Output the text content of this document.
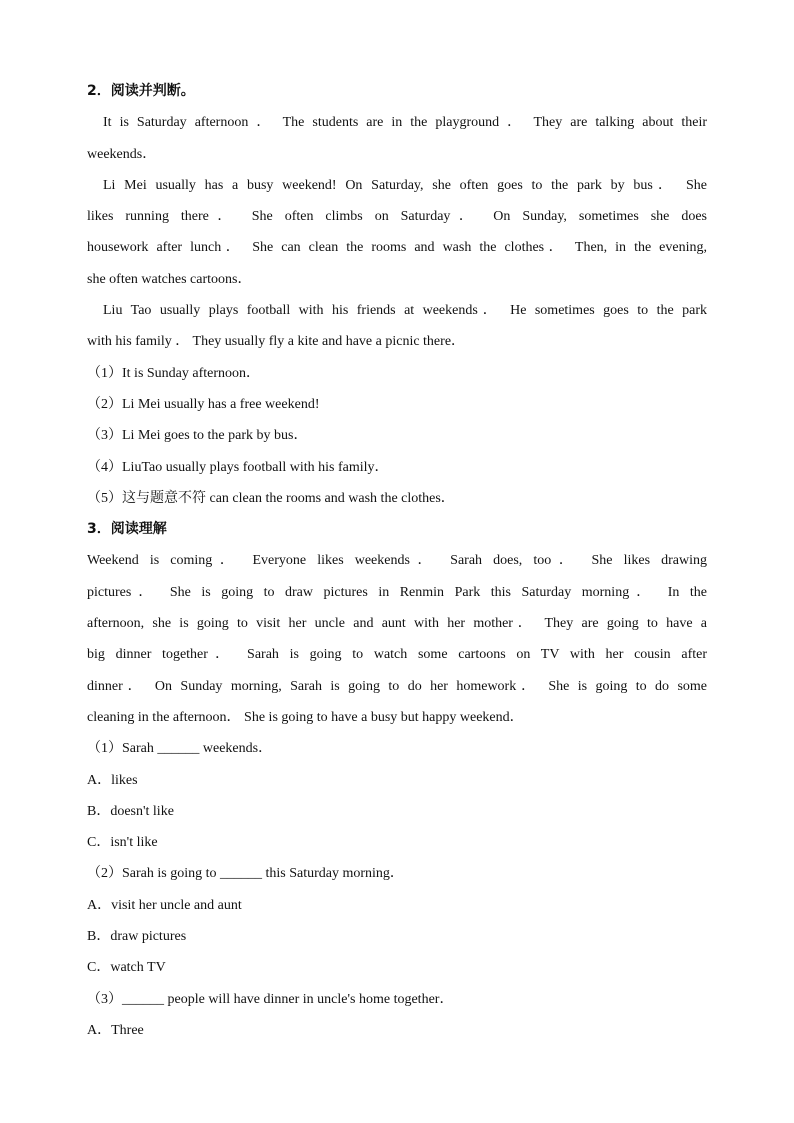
2．阅读并判断。
It is Saturday afternoon ． The students are in the playground ． They are talking about their
weekends．
Li Mei usually has a busy weekend! On Saturday, she often goes to the park by bus． She
likes running there． She often climbs on Saturday． On Sunday, sometimes she does
housework after lunch． She can clean the rooms and wash the clothes． Then, in the evening,
she often watches cartoons．
Liu Tao usually plays football with his friends at weekends． He sometimes goes to the park
with his family ． They usually fly a kite and have a picnic there．
（1）It is Sunday afternoon．
（2）Li Mei usually has a free weekend!
（3）Li Mei goes to the park by bus．
（4）LiuTao usually plays football with his family．
（5）这与题意不符 can clean the rooms and wash the clothes．
3．阅读理解
Weekend is coming． Everyone likes weekends． Sarah does, too． She likes drawing
pictures． She is going to draw pictures in Renmin Park this Saturday morning． In the
afternoon, she is going to visit her uncle and aunt with her mother． They are going to have a
big dinner together． Sarah is going to watch some cartoons on TV with her cousin after
dinner． On Sunday morning, Sarah is going to do her homework． She is going to do some
cleaning in the afternoon． She is going to have a busy but happy weekend．
（1）Sarah ______ weekends．
A．likes
B．doesn't like
C．isn't like
（2）Sarah is going to ______ this Saturday morning．
A．visit her uncle and aunt
B．draw pictures
C．watch TV
（3）______ people will have dinner in uncle's home together．
A．Three
